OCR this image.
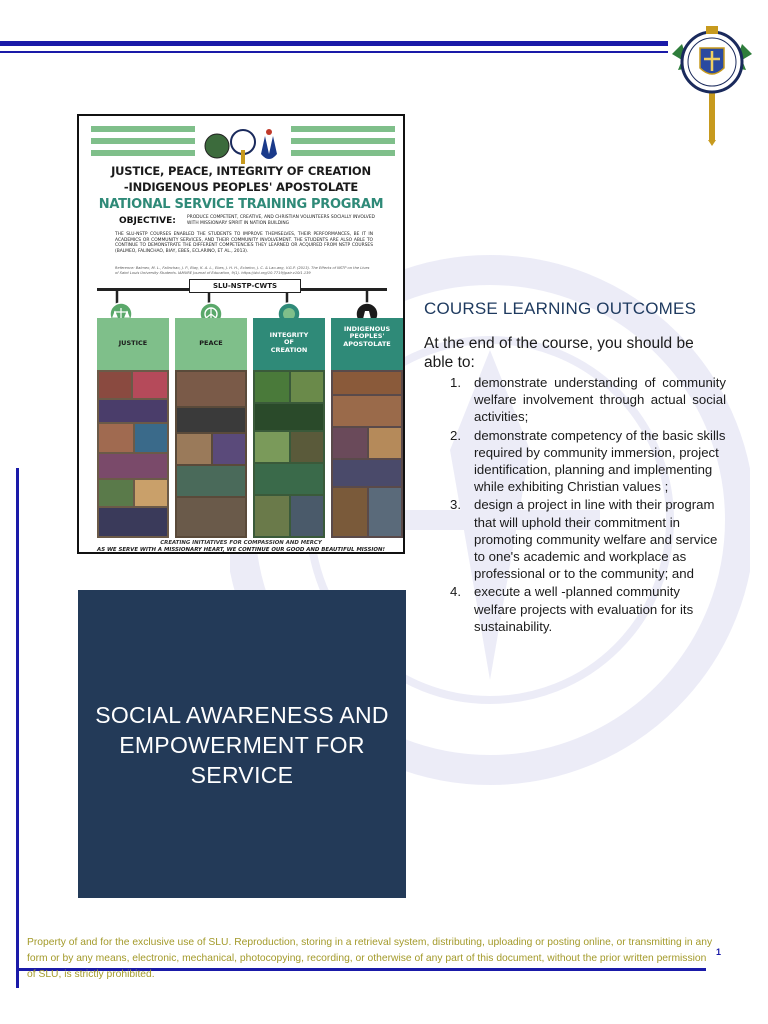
JUSTICE, PEACE, INTEGRITY OF CREATION
-INDIGENOUS PEOPLES' APOSTOLATE
NATIONAL SERVICE TRAINING PROGRAM
OBJECTIVE:	PRODUCE COMPETENT, CREATIVE, AND CHRISTIAN VOLUNTEERS SOCIALLY INVOLVED WITH MISSIONARY SPIRIT IN NATION BUILDING
THE SLU-NSTP COURSES ENABLED THE STUDENTS TO IMPROVE THEMSELVES, THEIR PERFORMANCES, BE IT IN ACADEMICS OR COMMUNITY SERVICES, AND THEIR COMMUNITY INVOLVEMENT. THE STUDENTS ARE ALSO ABLE TO CONTINUE TO DEMONSTRATE THE DIFFERENT COMPETENCIES THEY LEARNED OR ACQUIRED FROM NSTP COURSES (BALMEO, FALINCHAO, BIAY, EBES, ECLARINO, ET AL., 2013).
Reference: Balmeo, M. L., Falinchao, J. P., Biay, K. A. L., Ebes, J. H. H., Eclarino, J. C. & Lao-ang, V.G.P. (2013). The Effects of NSTP on the Lives of Saint Louis University Students. IAMURE Journal of Education, 9(1). https://doi.org/10.7719/jpair.v10i1.139
SLU-NSTP-CWTS
JUSTICE	PEACE
INTEGRITY OF CREATION
INDIGENOUS PEOPLES' APOSTOLATE
CREATING INITIATIVES FOR COMPASSION AND MERCY
AS WE SERVE WITH A MISSIONARY HEART, WE CONTINUE OUR GOOD AND BEAUTIFUL MISSION!
SOCIAL AWARENESS AND EMPOWERMENT FOR SERVICE
COURSE LEARNING OUTCOMES
At the end of the course, you should be able to:
1. demonstrate understanding of community welfare involvement through actual social activities;
2. demonstrate competency of the basic skills required by community immersion, project identification, planning and implementing while exhibiting Christian values ;
3. design a project in line with their program that will uphold their commitment in promoting community welfare and service to one's academic and workplace as professional or to the community; and
4. execute a well -planned community welfare projects with evaluation for its sustainability.
Property of and for the exclusive use of SLU. Reproduction, storing in a retrieval system, distributing, uploading or posting online, or transmitting in any form or by any means, electronic, mechanical, photocopying, recording, or otherwise of any part of this document, without the prior written permission of SLU, is strictly prohibited.
1
